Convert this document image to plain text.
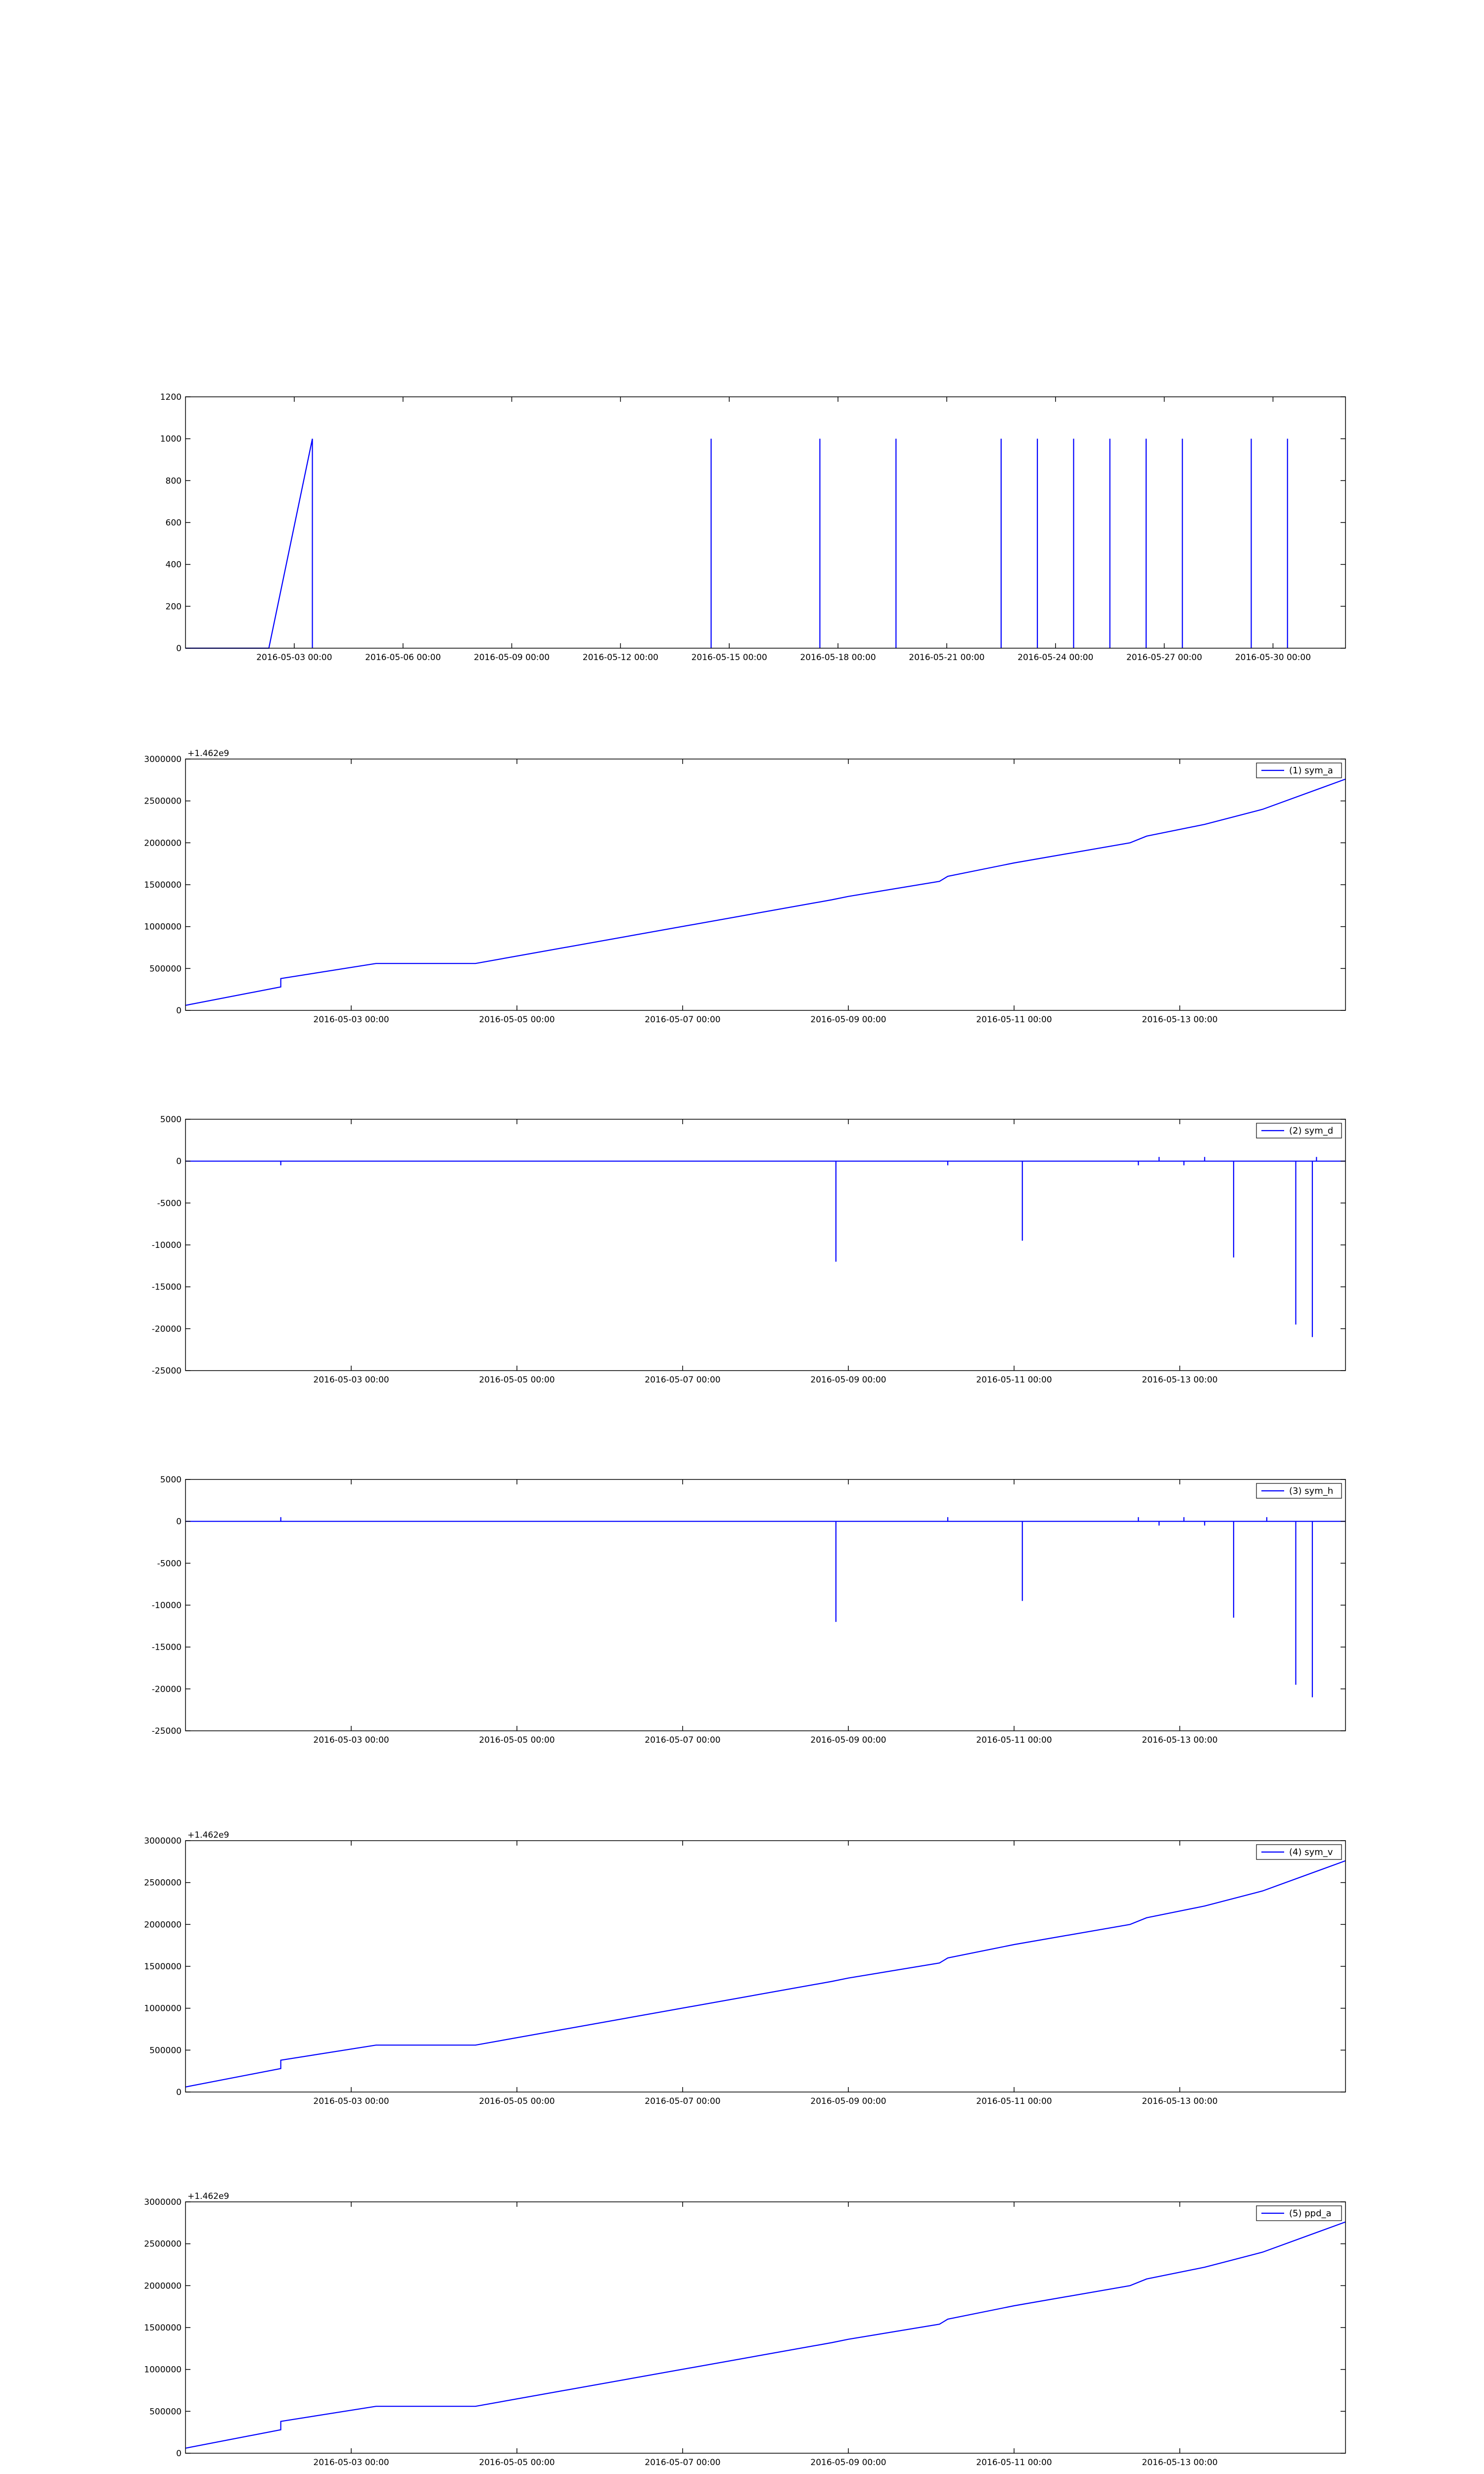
0
200
400
600
800
1000
1200
2016-05-03 00:00	2016-05-06 00:00	2016-05-09 00:00	2016-05-12 00:00	2016-05-15 00:00	2016-05-18 00:00	2016-05-21 00:00	2016-05-24 00:00	2016-05-27 00:00	2016-05-30 00:00
0
500000
1000000
1500000
2000000
2500000
3000000
2016-05-03 00:00	2016-05-05 00:00	2016-05-07 00:00	2016-05-09 00:00	2016-05-11 00:00	2016-05-13 00:00
+1.462e9
(1) sym_a
-25000
-20000
-15000
-10000
-5000
0
5000
2016-05-03 00:00	2016-05-05 00:00	2016-05-07 00:00	2016-05-09 00:00	2016-05-11 00:00	2016-05-13 00:00
(2) sym_d
-25000
-20000
-15000
-10000
-5000
0
5000
2016-05-03 00:00	2016-05-05 00:00	2016-05-07 00:00	2016-05-09 00:00	2016-05-11 00:00	2016-05-13 00:00
(3) sym_h
0
500000
1000000
1500000
2000000
2500000
3000000
2016-05-03 00:00	2016-05-05 00:00	2016-05-07 00:00	2016-05-09 00:00	2016-05-11 00:00	2016-05-13 00:00
+1.462e9
(4) sym_v
0
500000
1000000
1500000
2000000
2500000
3000000
2016-05-03 00:00	2016-05-05 00:00	2016-05-07 00:00	2016-05-09 00:00	2016-05-11 00:00	2016-05-13 00:00
+1.462e9
(5) ppd_a
